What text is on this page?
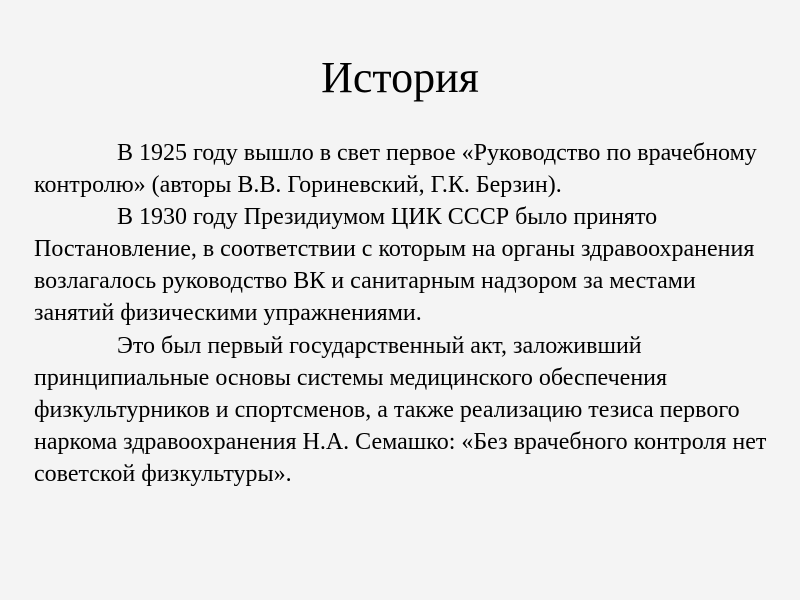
История

В 1925 году вышло в свет первое «Руководство по врачебному контролю» (авторы В.В. Гориневский, Г.К. Берзин).

В 1930 году Президиумом ЦИК СССР было принято Постановление, в соответствии с которым на органы здравоохранения возлагалось руководство ВК и санитарным надзором за местами занятий физическими упражнениями.

Это был первый государственный акт, заложивший принципиальные основы системы медицинского обеспечения физкультурников и спортсменов, а также реализацию тезиса первого наркома здравоохранения Н.А. Семашко: «Без врачебного контроля нет советской физкультуры».
